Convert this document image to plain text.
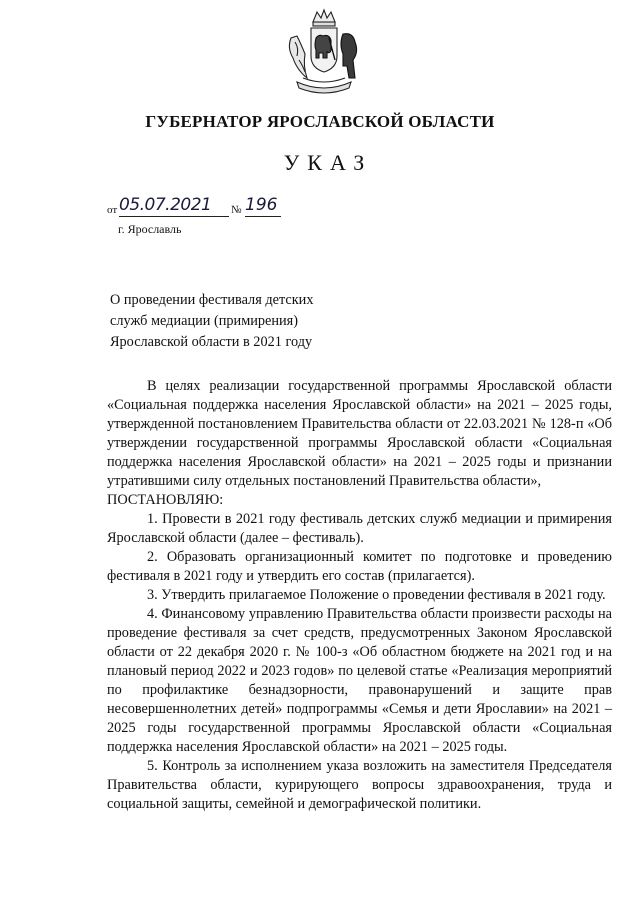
ГУБЕРНАТОР ЯРОСЛАВСКОЙ ОБЛАСТИ
УКАЗ
от 05.07.2021	№ 196
г. Ярославль
О проведении фестиваля детских
служб медиации (примирения)
Ярославской области в 2021 году

В целях реализации государственной программы Ярославской области «Социальная поддержка населения Ярославской области» на 2021 – 2025 годы, утвержденной постановлением Правительства области от 22.03.2021 № 128-п «Об утверждении государственной программы Ярославской области «Социальная поддержка населения Ярославской области» на 2021 – 2025 годы и признании утратившими силу отдельных постановлений Правительства области»,

ПОСТАНОВЛЯЮ:

1. Провести в 2021 году фестиваль детских служб медиации и примирения Ярославской области (далее – фестиваль).

2. Образовать организационный комитет по подготовке и проведению фестиваля в 2021 году и утвердить его состав (прилагается).

3. Утвердить прилагаемое Положение о проведении фестиваля в 2021 году.

4. Финансовому управлению Правительства области произвести расходы на проведение фестиваля за счет средств, предусмотренных Законом Ярославской области от 22 декабря 2020 г. № 100-з «Об областном бюджете на 2021 год и на плановый период 2022 и 2023 годов» по целевой статье «Реализация мероприятий по профилактике безнадзорности, правонарушений и защите прав несовершеннолетних детей» подпрограммы «Семья и дети Ярославии» на 2021 – 2025 годы государственной программы Ярославской области «Социальная поддержка населения Ярославской области» на 2021 – 2025 годы.

5. Контроль за исполнением указа возложить на заместителя Председателя Правительства области, курирующего вопросы здравоохранения, труда и социальной защиты, семейной и демографической политики.
